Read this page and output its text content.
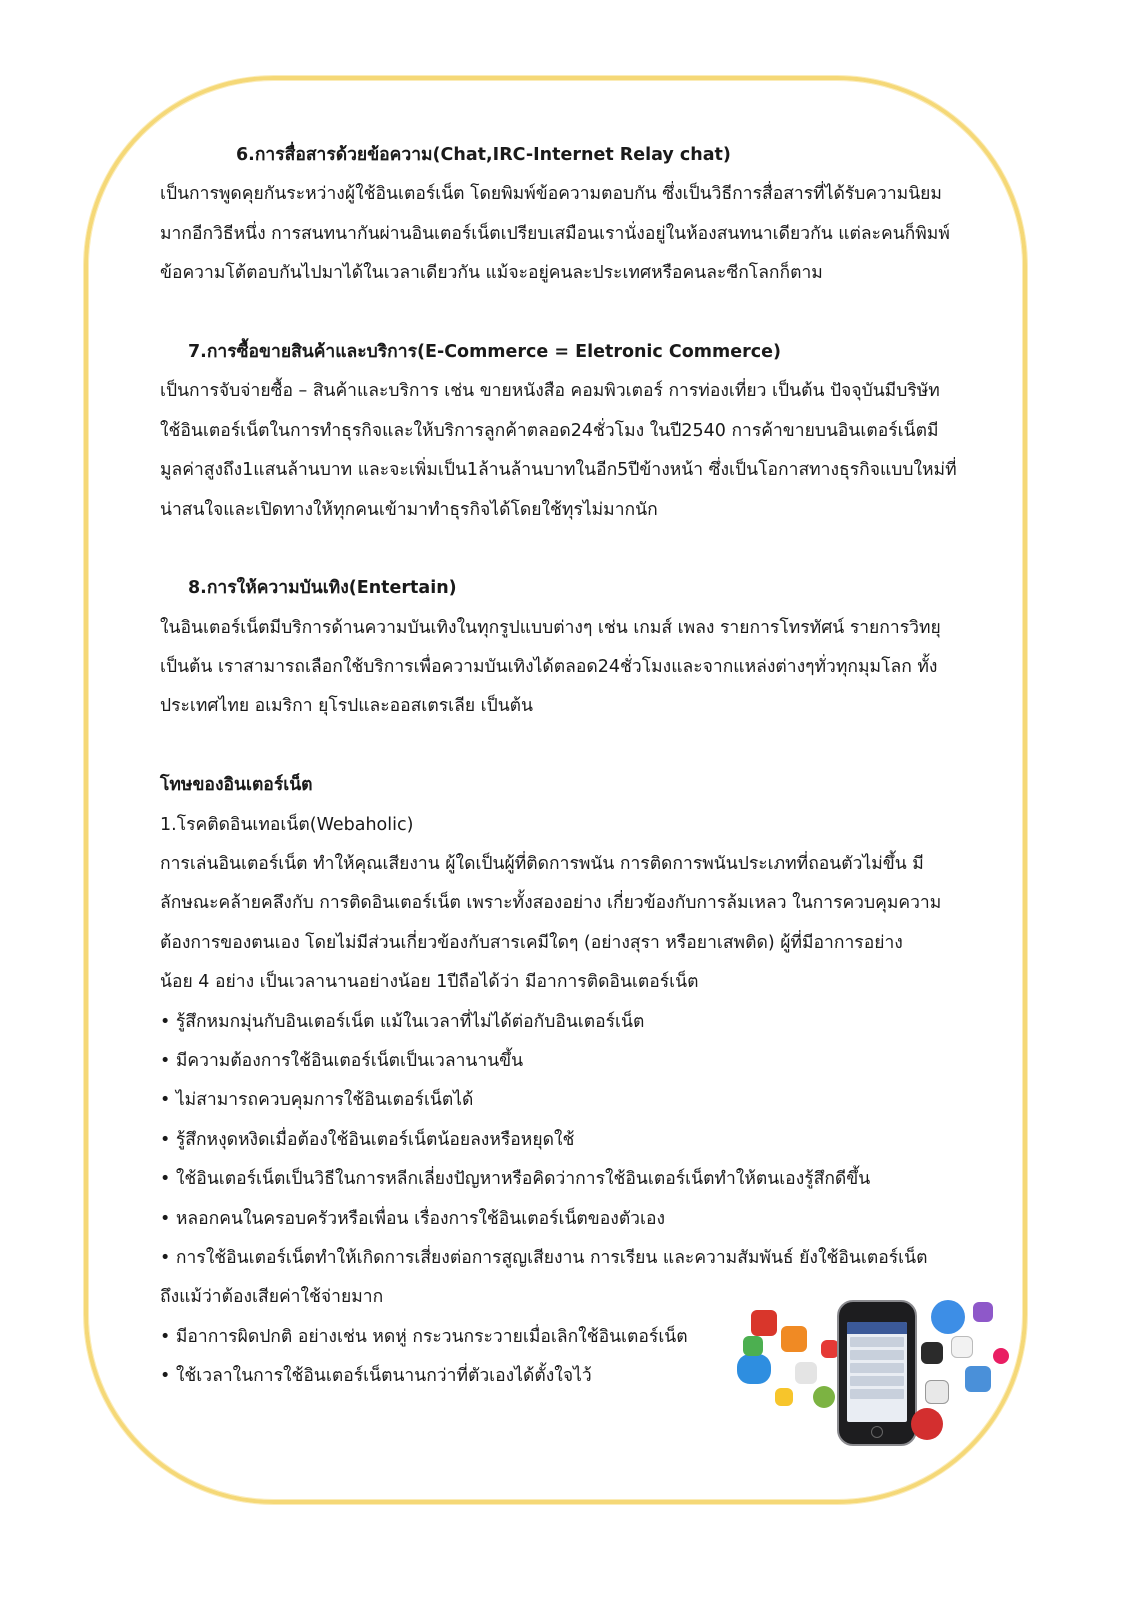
6.การสื่อสารด้วยข้อความ(Chat,IRC-Internet Relay chat)
เป็นการพูดคุยกันระหว่างผู้ใช้อินเตอร์เน็ต โดยพิมพ์ข้อความตอบกัน ซึ่งเป็นวิธีการสื่อสารที่ได้รับความนิยม
มากอีกวิธีหนึ่ง การสนทนากันผ่านอินเตอร์เน็ตเปรียบเสมือนเรานั่งอยู่ในห้องสนทนาเดียวกัน แต่ละคนก็พิมพ์
ข้อความโต้ตอบกันไปมาได้ในเวลาเดียวกัน แม้จะอยู่คนละประเทศหรือคนละซีกโลกก็ตาม
7.การซื้อขายสินค้าและบริการ(E-Commerce = Eletronic Commerce)
เป็นการจับจ่ายซื้อ – สินค้าและบริการ เช่น ขายหนังสือ คอมพิวเตอร์ การท่องเที่ยว เป็นต้น ปัจจุบันมีบริษัท
ใช้อินเตอร์เน็ตในการทำธุรกิจและให้บริการลูกค้าตลอด24ชั่วโมง ในปี2540 การค้าขายบนอินเตอร์เน็ตมี
มูลค่าสูงถึง1แสนล้านบาท และจะเพิ่มเป็น1ล้านล้านบาทในอีก5ปีข้างหน้า ซึ่งเป็นโอกาสทางธุรกิจแบบใหม่ที่
น่าสนใจและเปิดทางให้ทุกคนเข้ามาทำธุรกิจได้โดยใช้ทุรไม่มากนัก
8.การให้ความบันเทิง(Entertain)
ในอินเตอร์เน็ตมีบริการด้านความบันเทิงในทุกรูปแบบต่างๆ เช่น เกมส์ เพลง รายการโทรทัศน์ รายการวิทยุ
เป็นต้น เราสามารถเลือกใช้บริการเพื่อความบันเทิงได้ตลอด24ชั่วโมงและจากแหล่งต่างๆทั่วทุกมุมโลก ทั้ง
ประเทศไทย อเมริกา ยุโรปและออสเตรเลีย เป็นต้น
โทษของอินเตอร์เน็ต
1.โรคติดอินเทอเน็ต(Webaholic)
การเล่นอินเตอร์เน็ต ทำให้คุณเสียงาน ผู้ใดเป็นผู้ที่ติดการพนัน การติดการพนันประเภทที่ถอนตัวไม่ขึ้น มี
ลักษณะคล้ายคลึงกับ การติดอินเตอร์เน็ต เพราะทั้งสองอย่าง เกี่ยวข้องกับการล้มเหลว ในการควบคุมความ
ต้องการของตนเอง โดยไม่มีส่วนเกี่ยวข้องกับสารเคมีใดๆ (อย่างสุรา หรือยาเสพติด) ผู้ที่มีอาการอย่าง
น้อย 4 อย่าง เป็นเวลานานอย่างน้อย 1ปีถือได้ว่า มีอาการติดอินเตอร์เน็ต
• รู้สึกหมกมุ่นกับอินเตอร์เน็ต แม้ในเวลาที่ไม่ได้ต่อกับอินเตอร์เน็ต
• มีความต้องการใช้อินเตอร์เน็ตเป็นเวลานานขึ้น
• ไม่สามารถควบคุมการใช้อินเตอร์เน็ตได้
• รู้สึกหงุดหงิดเมื่อต้องใช้อินเตอร์เน็ตน้อยลงหรือหยุดใช้
• ใช้อินเตอร์เน็ตเป็นวิธีในการหลีกเลี่ยงปัญหาหรือคิดว่าการใช้อินเตอร์เน็ตทำให้ตนเองรู้สึกดีขึ้น
• หลอกคนในครอบครัวหรือเพื่อน เรื่องการใช้อินเตอร์เน็ตของตัวเอง
• การใช้อินเตอร์เน็ตทำให้เกิดการเสี่ยงต่อการสูญเสียงาน การเรียน และความสัมพันธ์ ยังใช้อินเตอร์เน็ต
ถึงแม้ว่าต้องเสียค่าใช้จ่ายมาก
• มีอาการผิดปกติ อย่างเช่น หดหู่ กระวนกระวายเมื่อเลิกใช้อินเตอร์เน็ต
• ใช้เวลาในการใช้อินเตอร์เน็ตนานกว่าที่ตัวเองได้ตั้งใจไว้
